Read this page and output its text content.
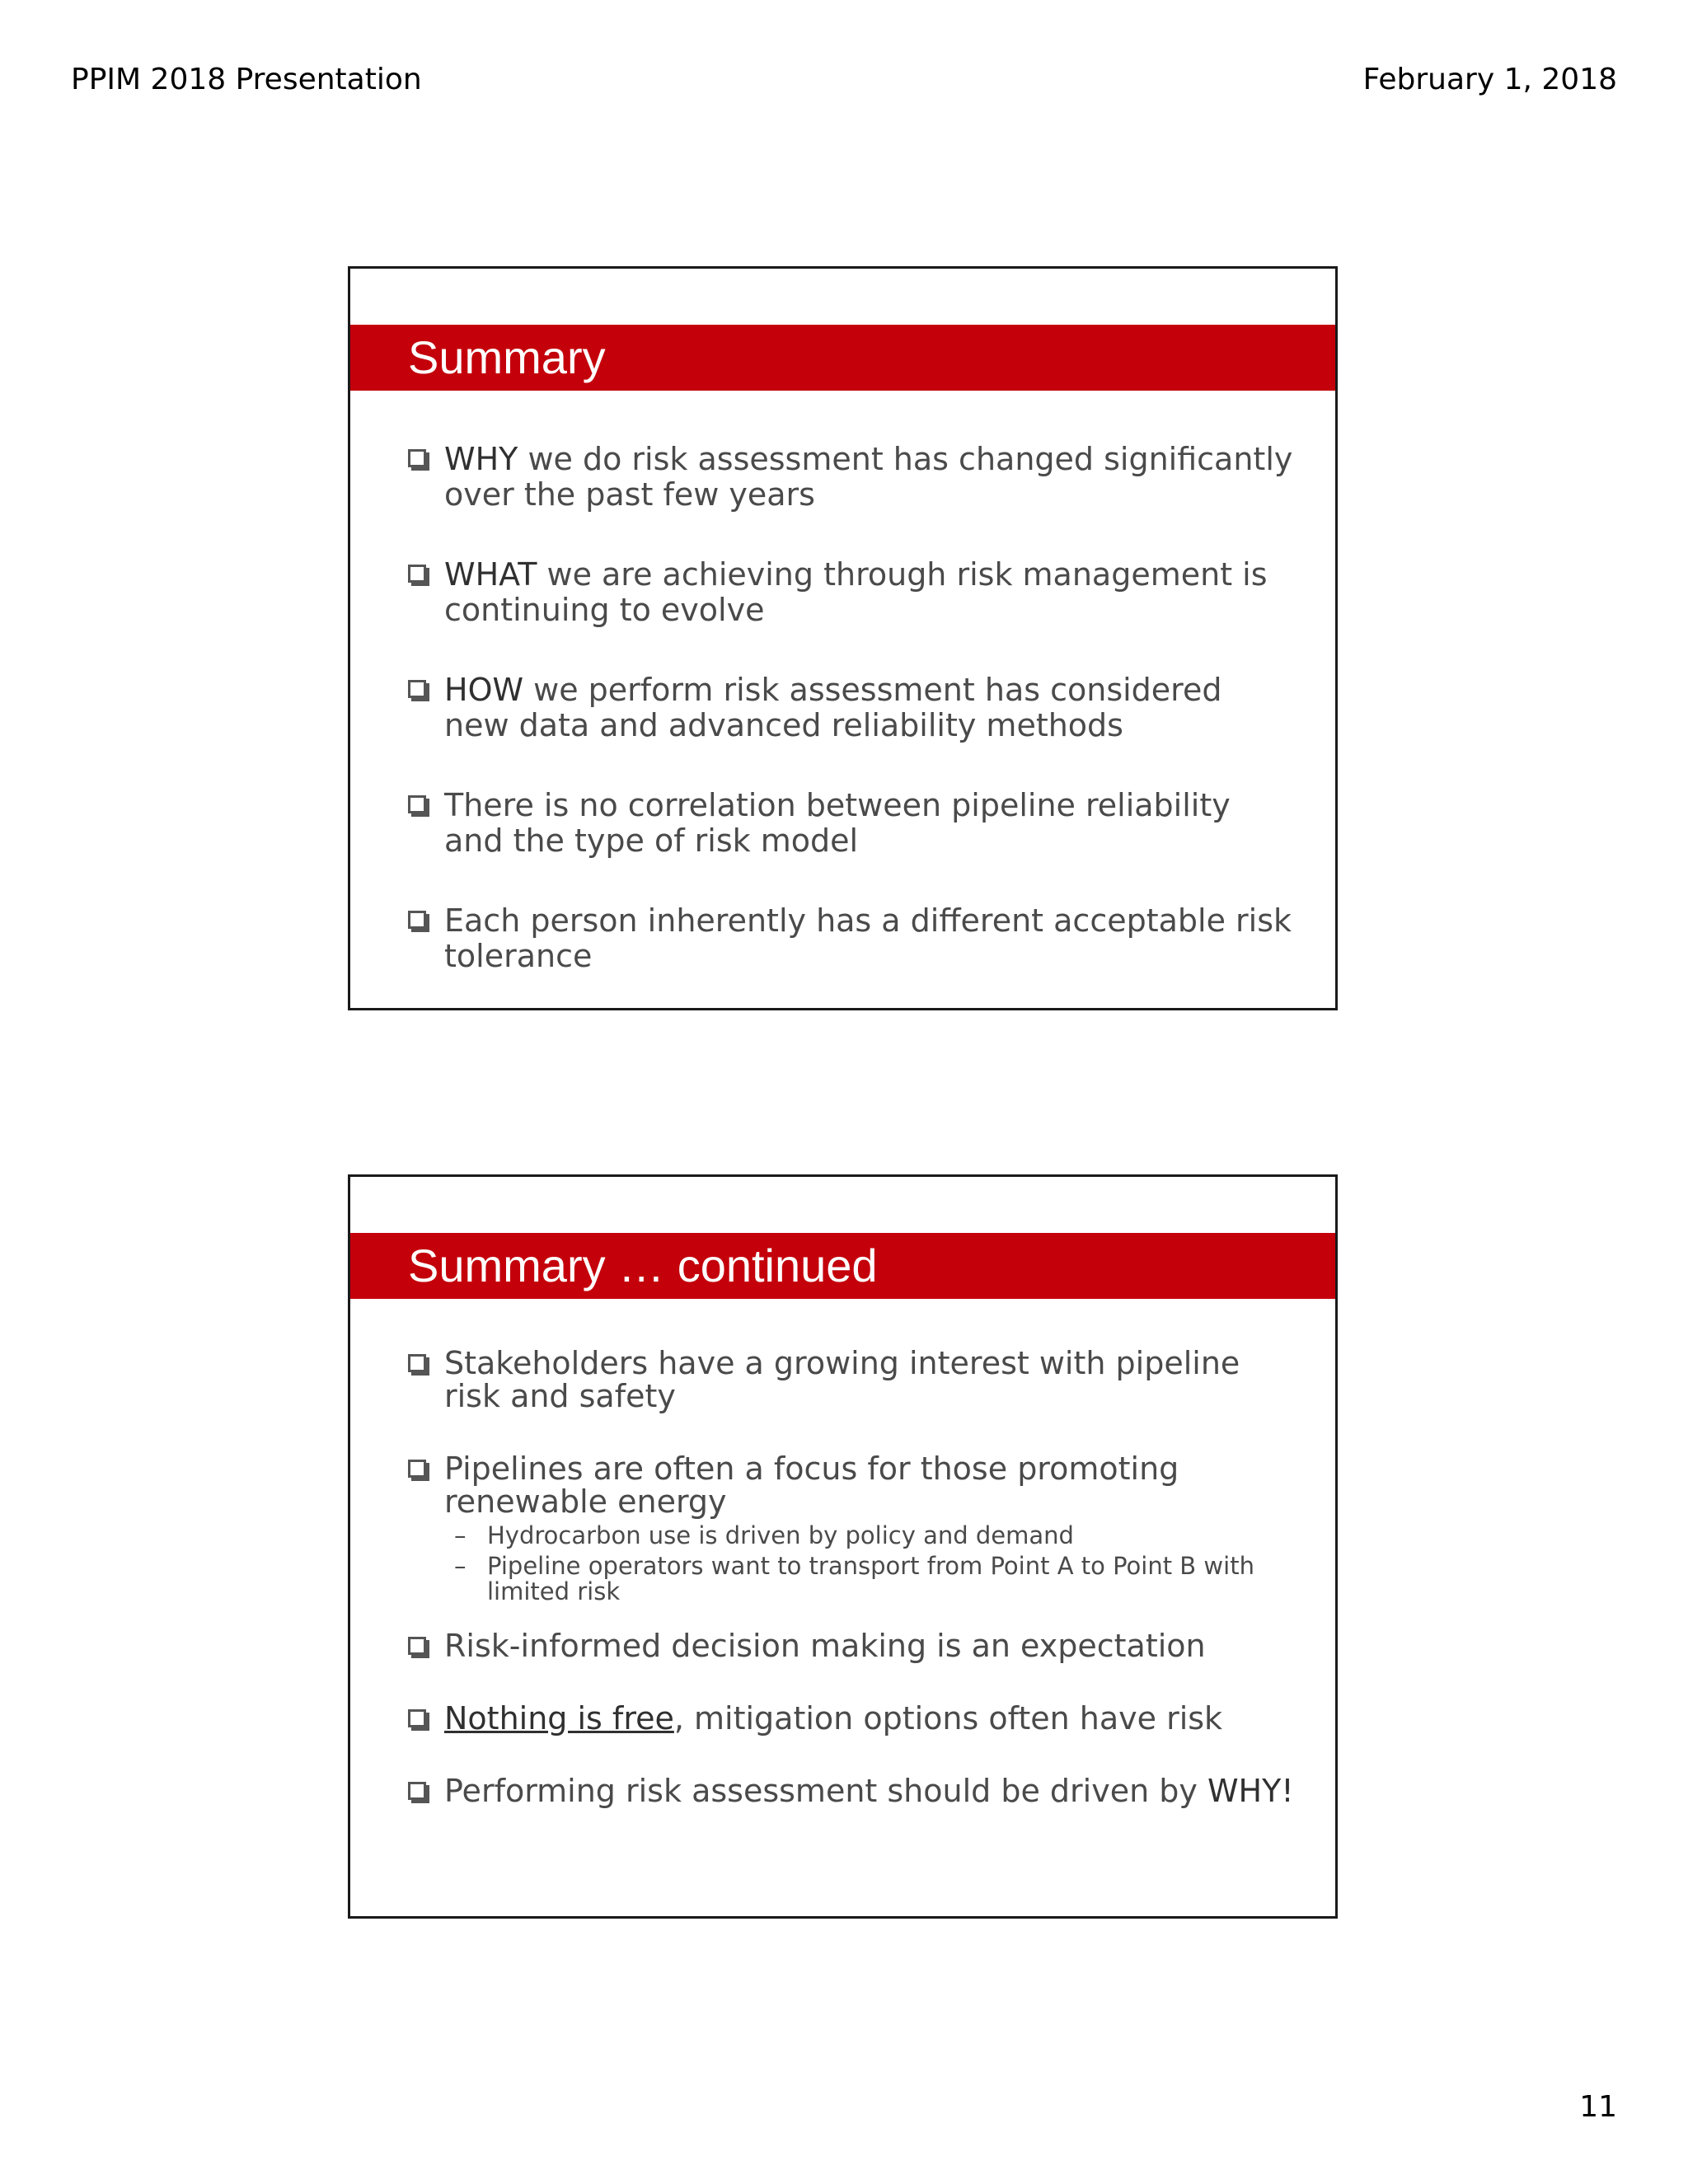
PPIM 2018 Presentation	February 1, 2018
Summary
WHY we do risk assessment has changed significantly over the past few years
WHAT we are achieving through risk management is continuing to evolve
HOW we perform risk assessment has considered new data and advanced reliability methods
There is no correlation between pipeline reliability and the type of risk model
Each person inherently has a different acceptable risk tolerance
Summary … continued
Stakeholders have a growing interest with pipeline risk and safety
Pipelines are often a focus for those promoting renewable energy
– Hydrocarbon use is driven by policy and demand
– Pipeline operators want to transport from Point A to Point B with limited risk
Risk-informed decision making is an expectation
Nothing is free, mitigation options often have risk
Performing risk assessment should be driven by WHY!
11
